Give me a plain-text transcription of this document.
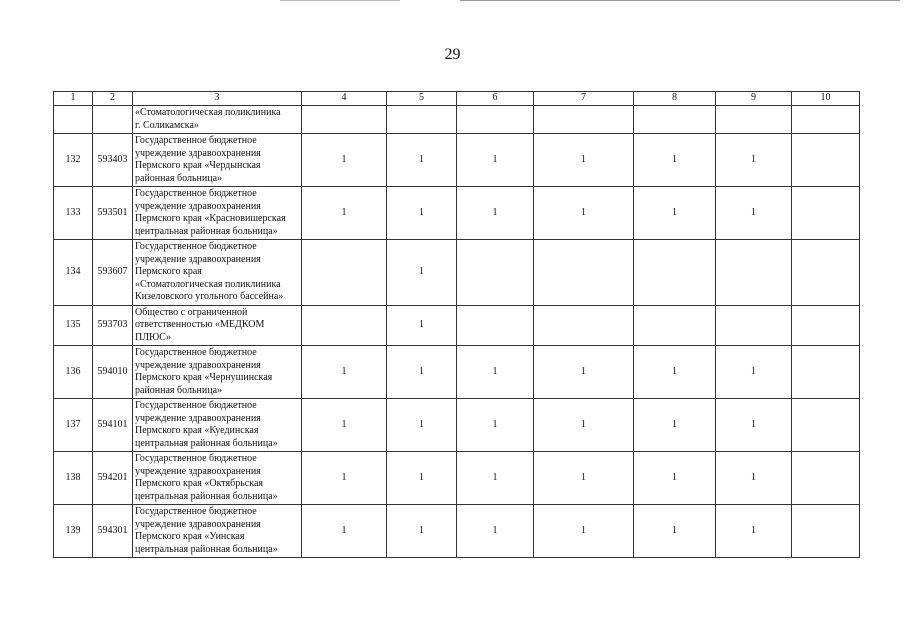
29
1	2	3	4	5	6	7	8	9	10

		«Стоматологическая поликлиника
г. Соликамска»							

132	593403	Государственное бюджетное
учреждение здравоохранения
Пермского края «Чердынская
районная больница»	1	1	1	1	1	1	
133	593501	Государственное бюджетное
учреждение здравоохранения
Пермского края «Красновишерская
центральная районная больница»	1	1	1	1	1	1	
134	593607	Государственное бюджетное
учреждение здравоохранения
Пермского края
«Стоматологическая поликлиника
Кизеловского угольного бассейна»		1					
135	593703	Общество с ограниченной
ответственностью «МЕДКОМ
ПЛЮС»		1					
136	594010	Государственное бюджетное
учреждение здравоохранения
Пермского края «Чернушинская
районная больница»	1	1	1	1	1	1	
137	594101	Государственное бюджетное
учреждение здравоохранения
Пермского края «Куединская
центральная районная больница»	1	1	1	1	1	1	
138	594201	Государственное бюджетное
учреждение здравоохранения
Пермского края «Октябрьская
центральная районная больница»	1	1	1	1	1	1	
139	594301	Государственное бюджетное
учреждение здравоохранения
Пермского края «Уинская
центральная районная больница»	1	1	1	1	1	1	
